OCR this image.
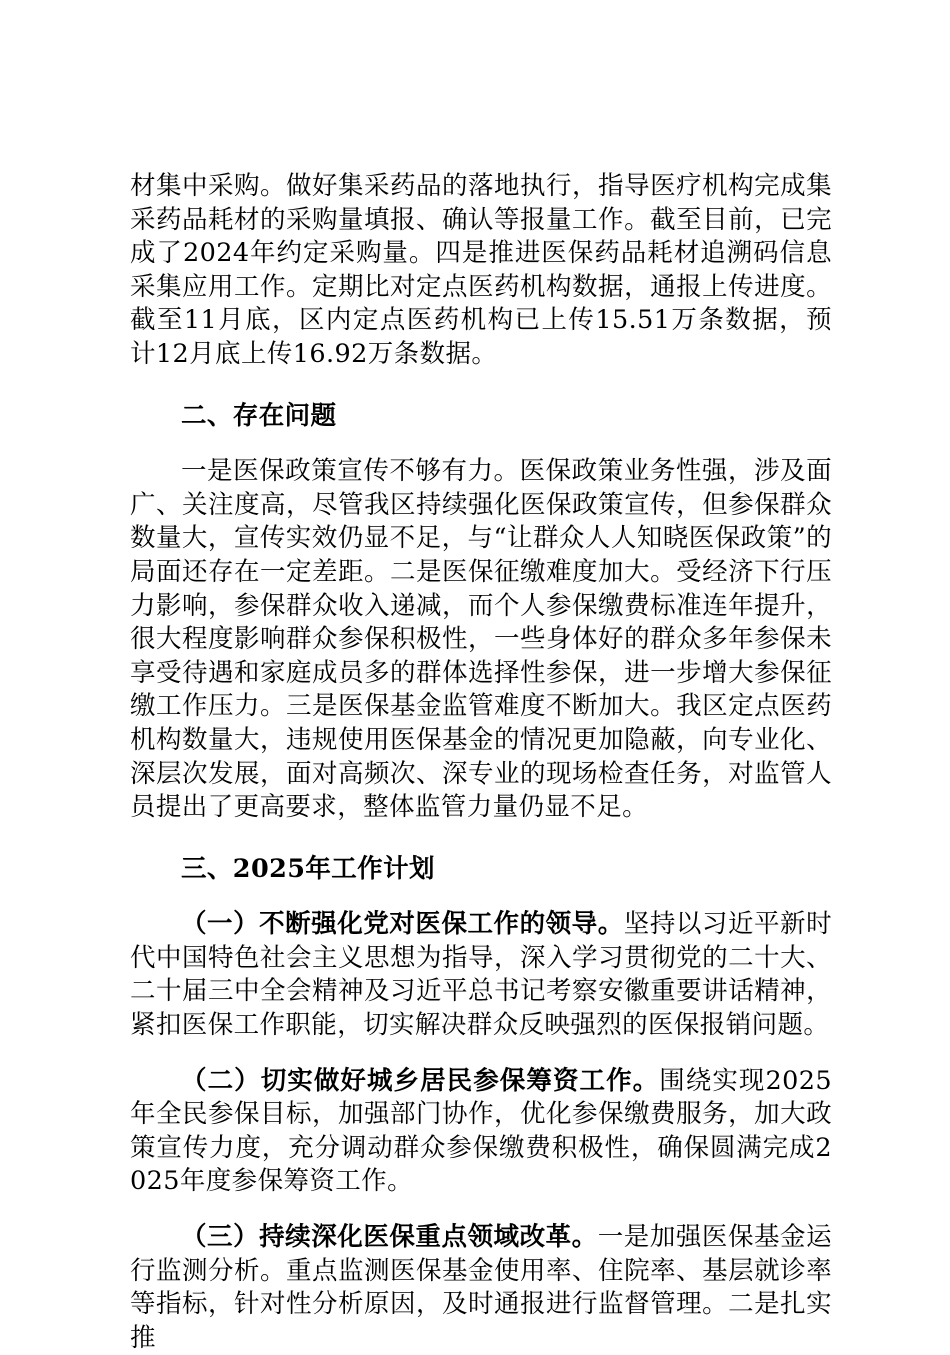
材集中采购。做好集采药品的落地执行，指导医疗机构完成集采药品耗材的采购量填报、确认等报量工作。截至目前，已完成了2024年约定采购量。四是推进医保药品耗材追溯码信息采集应用工作。定期比对定点医药机构数据，通报上传进度。截至11月底，区内定点医药机构已上传15.51万条数据，预计12月底上传16.92万条数据。

二、存在问题

一是医保政策宣传不够有力。医保政策业务性强，涉及面广、关注度高，尽管我区持续强化医保政策宣传，但参保群众数量大，宣传实效仍显不足，与“让群众人人知晓医保政策”的局面还存在一定差距。二是医保征缴难度加大。受经济下行压力影响，参保群众收入递减，而个人参保缴费标准连年提升，很大程度影响群众参保积极性，一些身体好的群众多年参保未享受待遇和家庭成员多的群体选择性参保，进一步增大参保征缴工作压力。三是医保基金监管难度不断加大。我区定点医药机构数量大，违规使用医保基金的情况更加隐蔽，向专业化、深层次发展，面对高频次、深专业的现场检查任务，对监管人员提出了更高要求，整体监管力量仍显不足。

三、2025年工作计划

（一）不断强化党对医保工作的领导。坚持以习近平新时代中国特色社会主义思想为指导，深入学习贯彻党的二十大、二十届三中全会精神及习近平总书记考察安徽重要讲话精神，紧扣医保工作职能，切实解决群众反映强烈的医保报销问题。

（二）切实做好城乡居民参保筹资工作。围绕实现2025年全民参保目标，加强部门协作，优化参保缴费服务，加大政策宣传力度，充分调动群众参保缴费积极性，确保圆满完成2025年度参保筹资工作。

（三）持续深化医保重点领域改革。一是加强医保基金运行监测分析。重点监测医保基金使用率、住院率、基层就诊率等指标，针对性分析原因，及时通报进行监督管理。二是扎实推
